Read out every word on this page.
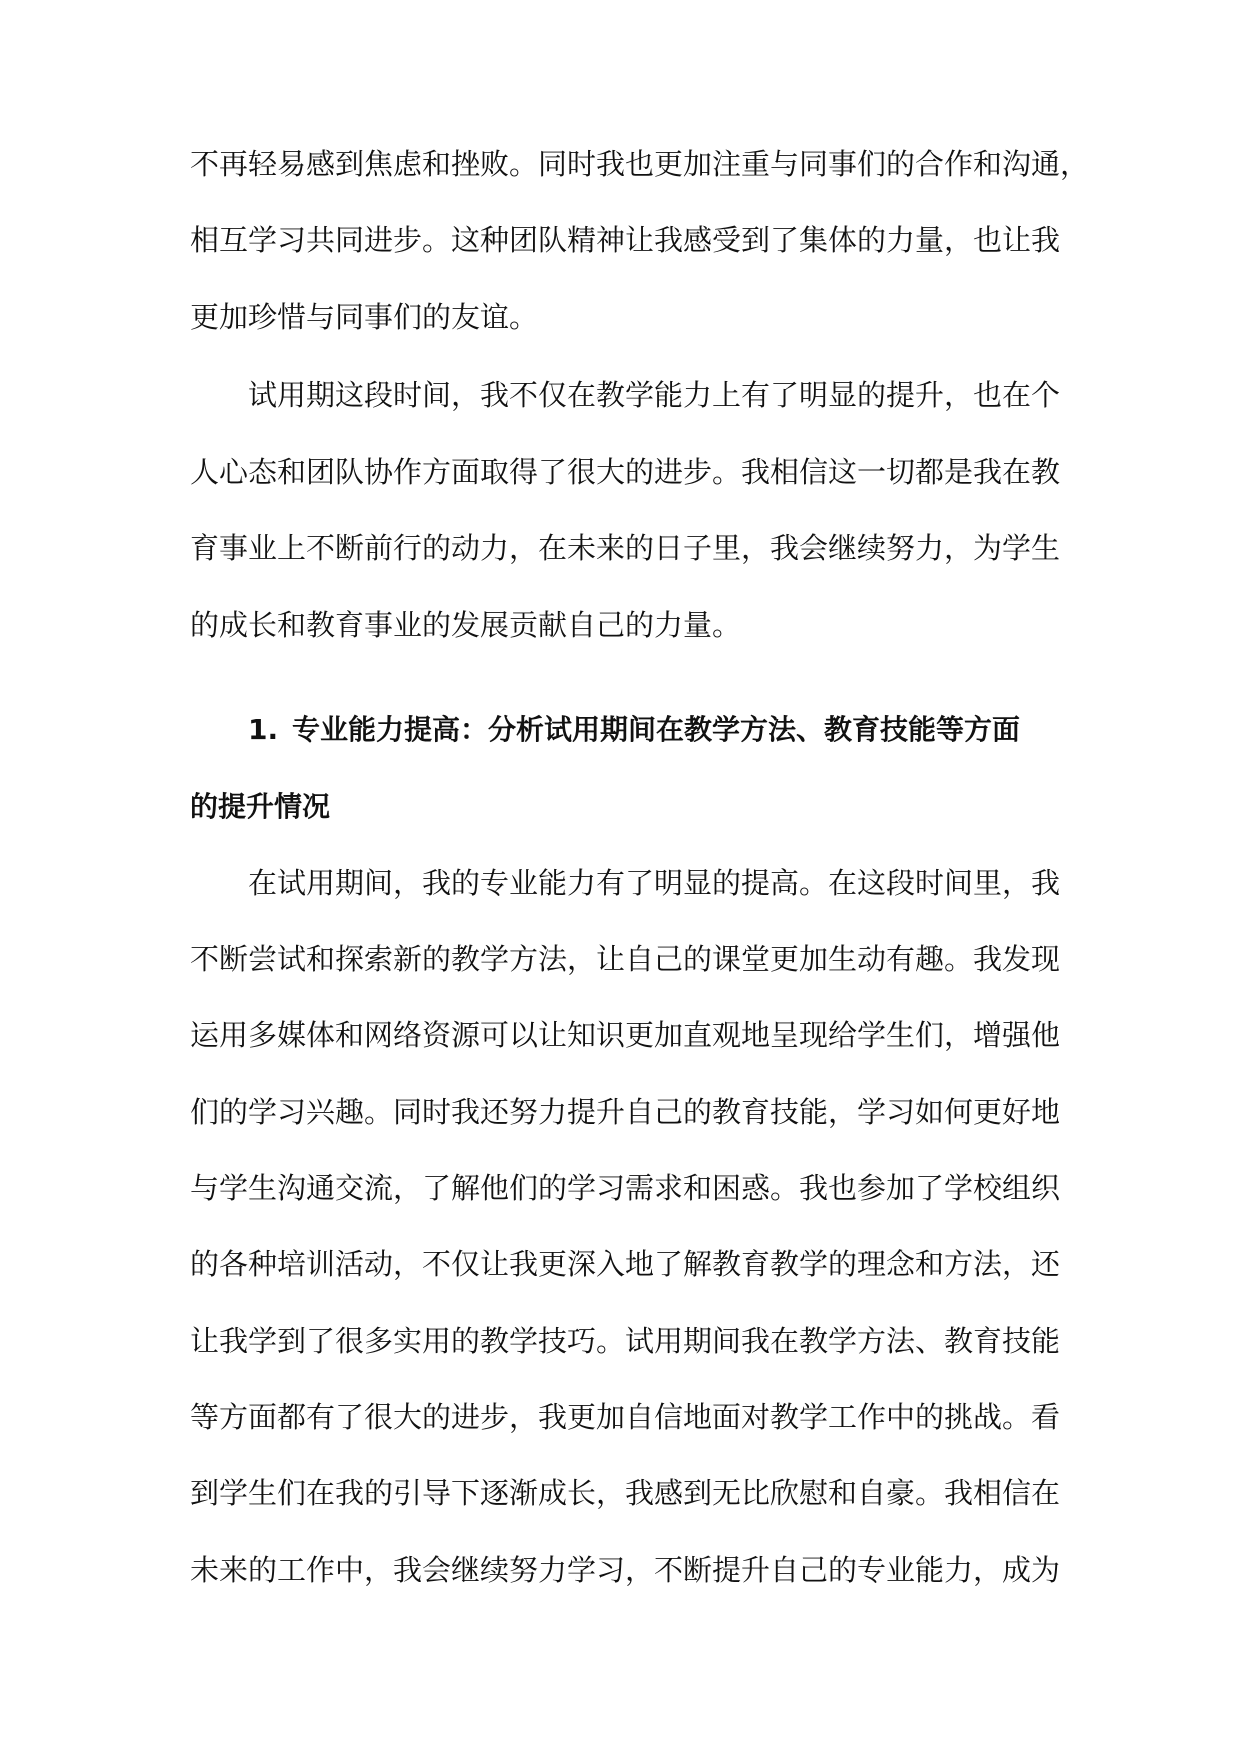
不再轻易感到焦虑和挫败。同时我也更加注重与同事们的合作和沟通，

相互学习共同进步。这种团队精神让我感受到了集体的力量，也让我

更加珍惜与同事们的友谊。

试用期这段时间，我不仅在教学能力上有了明显的提升，也在个

人心态和团队协作方面取得了很大的进步。我相信这一切都是我在教

育事业上不断前行的动力，在未来的日子里，我会继续努力，为学生

的成长和教育事业的发展贡献自己的力量。

1. 专业能力提高：分析试用期间在教学方法、教育技能等方面

的提升情况

在试用期间，我的专业能力有了明显的提高。在这段时间里，我

不断尝试和探索新的教学方法，让自己的课堂更加生动有趣。我发现

运用多媒体和网络资源可以让知识更加直观地呈现给学生们，增强他

们的学习兴趣。同时我还努力提升自己的教育技能，学习如何更好地

与学生沟通交流，了解他们的学习需求和困惑。我也参加了学校组织

的各种培训活动，不仅让我更深入地了解教育教学的理念和方法，还

让我学到了很多实用的教学技巧。试用期间我在教学方法、教育技能

等方面都有了很大的进步，我更加自信地面对教学工作中的挑战。看

到学生们在我的引导下逐渐成长，我感到无比欣慰和自豪。我相信在

未来的工作中，我会继续努力学习，不断提升自己的专业能力，成为
